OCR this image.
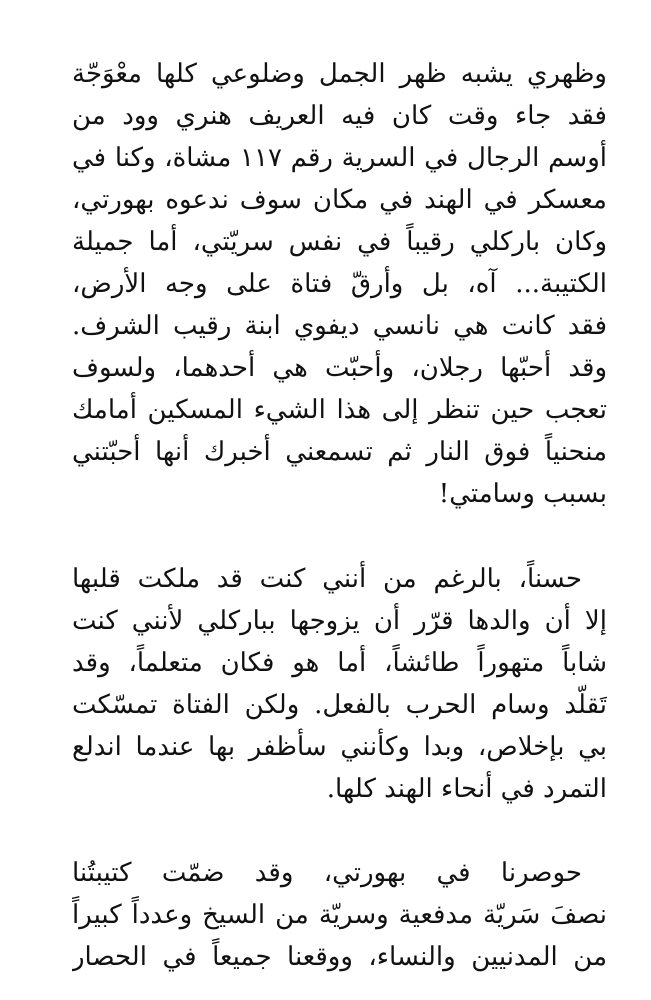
وظهري يشبه ظهر الجمل وضلوعي كلها معْوَجّة
فقد جاء وقت كان فيه العريف هنري وود من
أوسم الرجال في السرية رقم ١١٧ مشاة، وكنا في
معسكر في الهند في مكان سوف ندعوه بهورتي،
وكان باركلي رقيباً في نفس سريّتي، أما جميلة
الكتيبة... آه، بل وأرقّ فتاة على وجه الأرض،
فقد كانت هي نانسي ديفوي ابنة رقيب الشرف.
وقد أحبّها رجلان، وأحبّت هي أحدهما، ولسوف
تعجب حين تنظر إلى هذا الشيء المسكين أمامك
منحنياً فوق النار ثم تسمعني أخبرك أنها أحبّتني
بسبب وسامتي!
حسناً، بالرغم من أنني كنت قد ملكت قلبها
إلا أن والدها قرّر أن يزوجها بباركلي لأنني كنت
شاباً متهوراً طائشاً، أما هو فكان متعلماً، وقد
تَقلّد وسام الحرب بالفعل. ولكن الفتاة تمسّكت
بي بإخلاص، وبدا وكأنني سأظفر بها عندما اندلع
التمرد في أنحاء الهند كلها.
حوصرنا في بهورتي، وقد ضمّت كتيبتُنا
نصفَ سَريّة مدفعية وسريّة من السيخ وعدداً كبيراً
من المدنيين والنساء، ووقعنا جميعاً في الحصار
